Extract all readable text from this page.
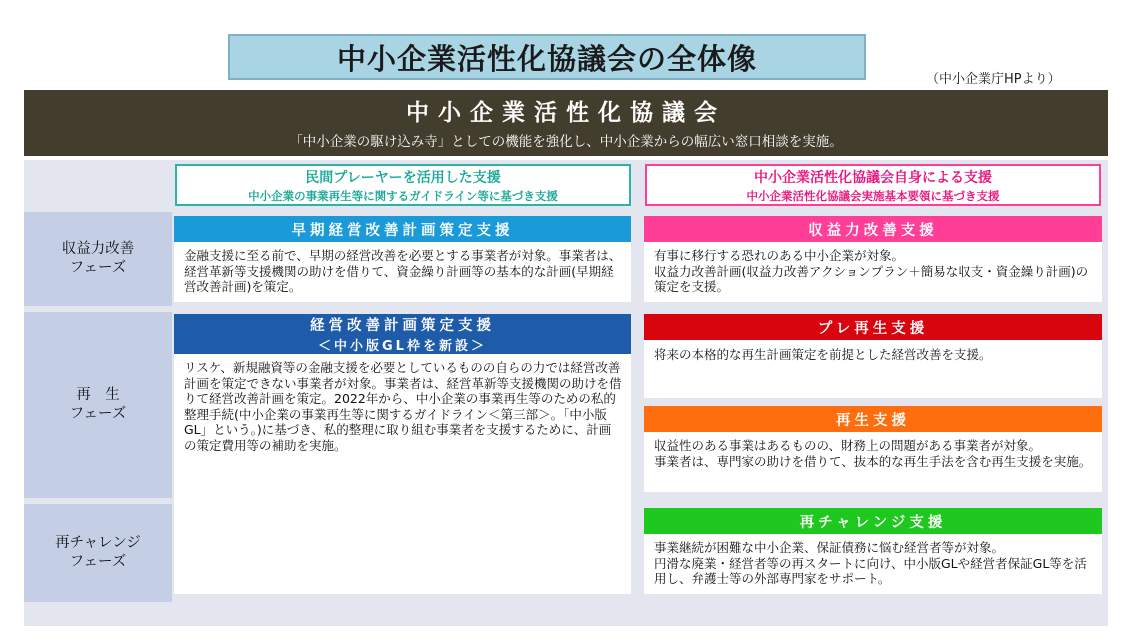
中小企業活性化協議会の全体像
（中小企業庁HPより）
中小企業活性化協議会
「中小企業の駆け込み寺」としての機能を強化し、中小企業からの幅広い窓口相談を実施。
収益力改善
フェーズ
再　生
フェーズ
再チャレンジ
フェーズ
民間プレーヤーを活用した支援
中小企業の事業再生等に関するガイドライン等に基づき支援
中小企業活性化協議会自身による支援
中小企業活性化協議会実施基本要領に基づき支援
早期経営改善計画策定支援
金融支援に至る前で、早期の経営改善を必要とする事業者が対象。事業者は、経営革新等支援機関の助けを借りて、資金繰り計画等の基本的な計画(早期経営改善計画)を策定。
収益力改善支援
有事に移行する恐れのある中小企業が対象。
収益力改善計画(収益力改善アクションプラン＋簡易な収支・資金繰り計画)の策定を支援。
経営改善計画策定支援
＜中小版GL枠を新設＞
リスケ、新規融資等の金融支援を必要としているものの自らの力では経営改善計画を策定できない事業者が対象。事業者は、経営革新等支援機関の助けを借りて経営改善計画を策定。2022年から、中小企業の事業再生等のための私的整理手続(中小企業の事業再生等に関するガイドライン＜第三部＞。「中小版GL」という。)に基づき、私的整理に取り組む事業者を支援するために、計画の策定費用等の補助を実施。
プレ再生支援
将来の本格的な再生計画策定を前提とした経営改善を支援。
再生支援
収益性のある事業はあるものの、財務上の問題がある事業者が対象。
事業者は、専門家の助けを借りて、抜本的な再生手法を含む再生支援を実施。
再チャレンジ支援
事業継続が困難な中小企業、保証債務に悩む経営者等が対象。
円滑な廃業・経営者等の再スタートに向け、中小版GLや経営者保証GL等を活用し、弁護士等の外部専門家をサポート。
